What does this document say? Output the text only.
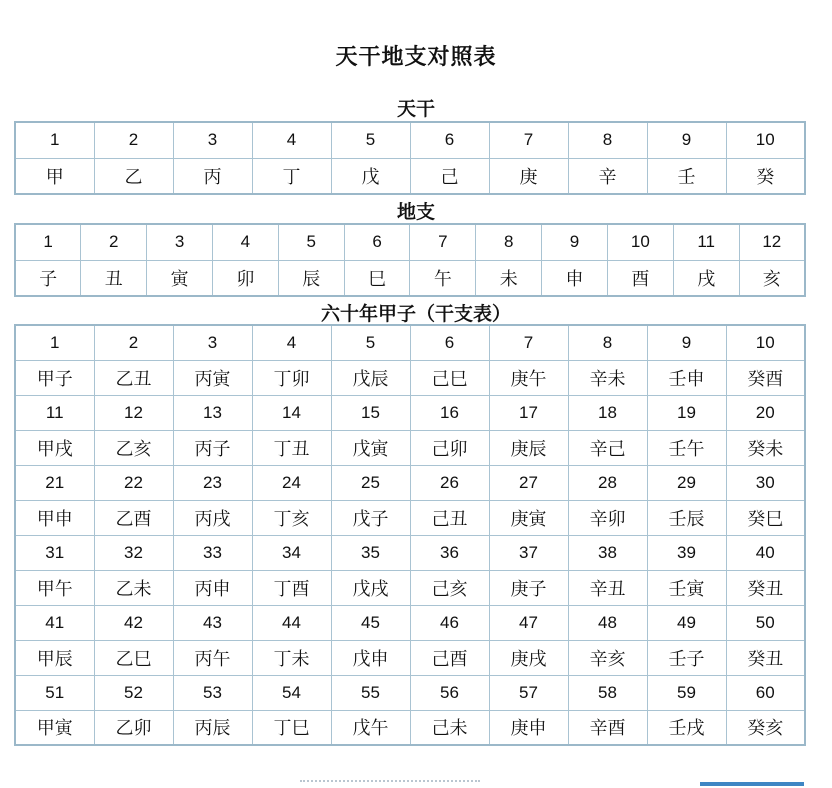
天干地支对照表
天干
1	2	3	4	5	6	7	8	9	10
甲	乙	丙	丁	戊	己	庚	辛	壬	癸
地支
1	2	3	4	5	6	7	8	9	10	11	12
子	丑	寅	卯	辰	巳	午	未	申	酉	戌	亥
六十年甲子（干支表）
1	2	3	4	5	6	7	8	9	10
甲子	乙丑	丙寅	丁卯	戊辰	己巳	庚午	辛未	壬申	癸酉
11	12	13	14	15	16	17	18	19	20
甲戌	乙亥	丙子	丁丑	戊寅	己卯	庚辰	辛己	壬午	癸未
21	22	23	24	25	26	27	28	29	30
甲申	乙酉	丙戌	丁亥	戊子	己丑	庚寅	辛卯	壬辰	癸巳
31	32	33	34	35	36	37	38	39	40
甲午	乙未	丙申	丁酉	戊戌	己亥	庚子	辛丑	壬寅	癸丑
41	42	43	44	45	46	47	48	49	50
甲辰	乙巳	丙午	丁未	戊申	己酉	庚戌	辛亥	壬子	癸丑
51	52	53	54	55	56	57	58	59	60
甲寅	乙卯	丙辰	丁巳	戊午	己未	庚申	辛酉	壬戌	癸亥
